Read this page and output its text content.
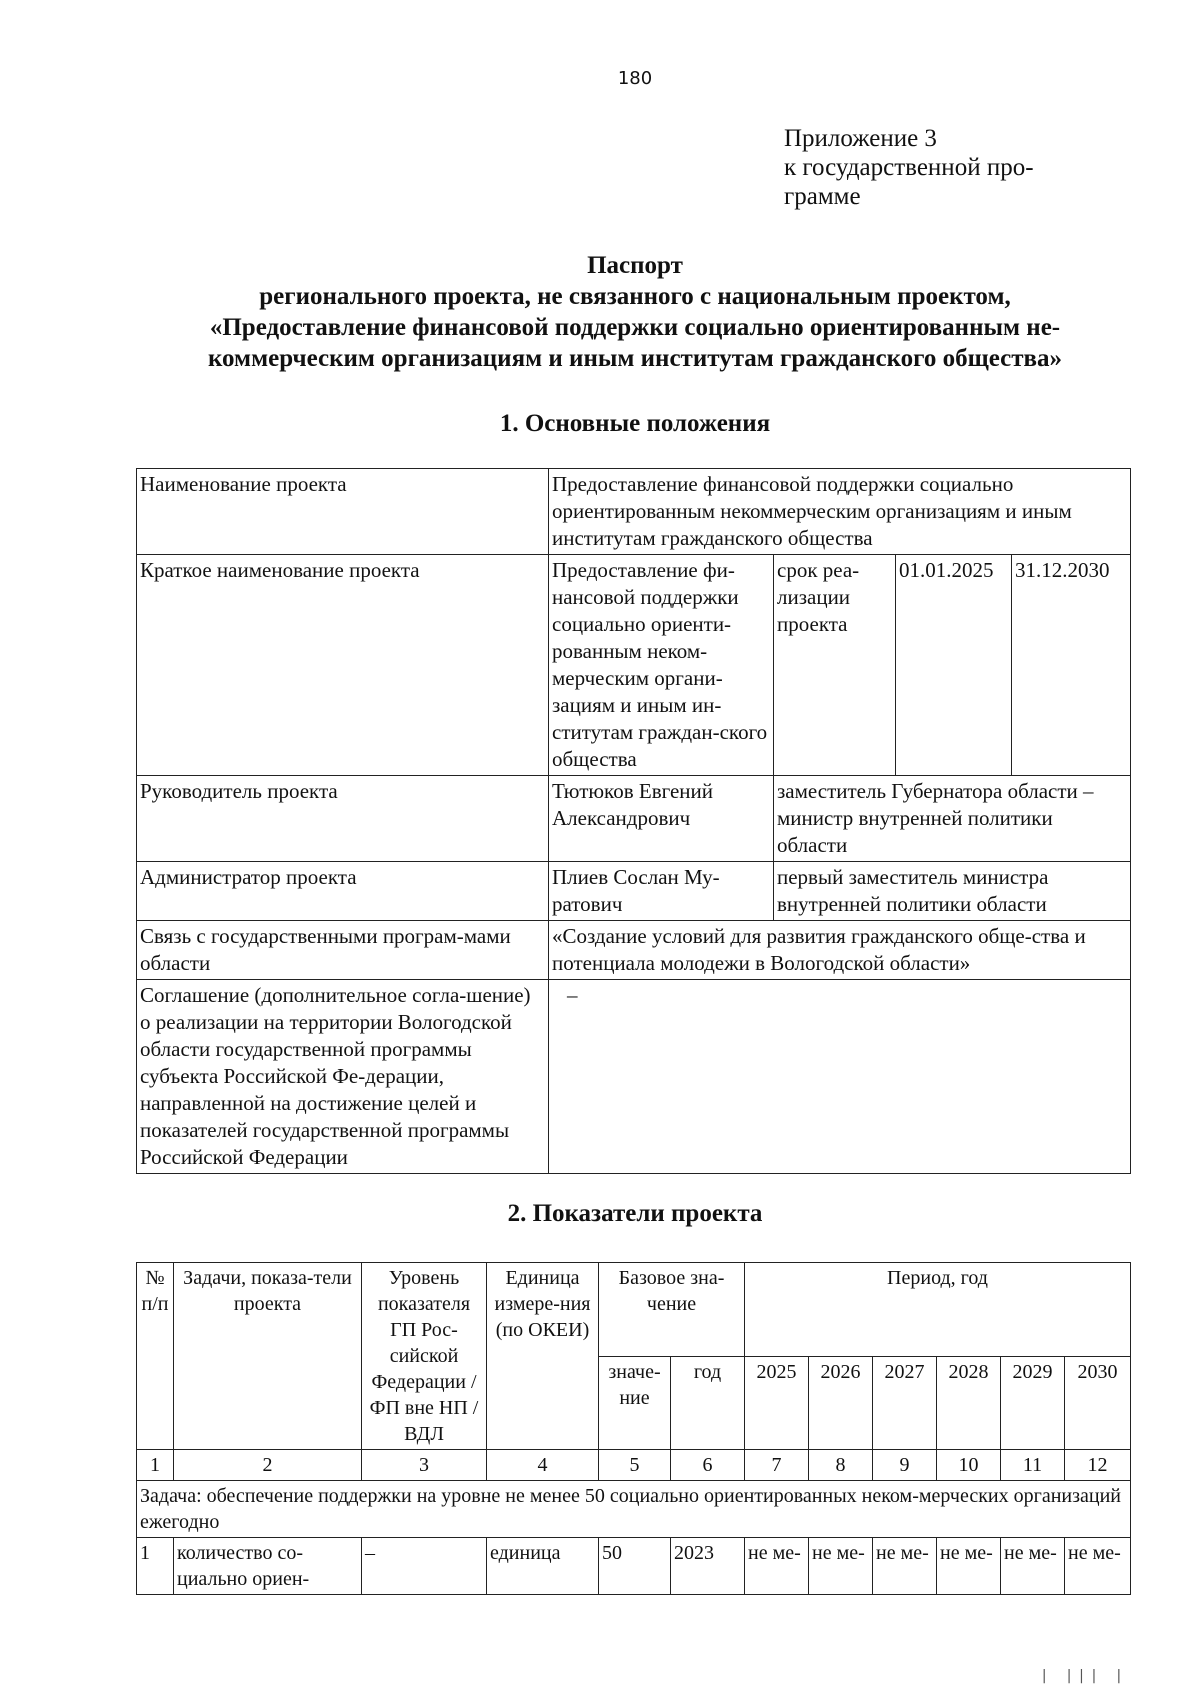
180
Приложение 3
к государственной про-
грамме
Паспорт
регионального проекта, не связанного с национальным проектом,
«Предоставление финансовой поддержки социально ориентированным не-
коммерческим организациям и иным институтам гражданского общества»
1. Основные положения
Наименование проекта	Предоставление финансовой поддержки социально ориентированным некоммерческим организациям и иным институтам гражданского общества			
Краткое наименование проекта	Предоставление фи-нансовой поддержки социально ориенти-рованным неком-мерческим органи-зациям и иным ин-ститутам граждан-ского общества	срок реа-лизации проекта	01.01.2025	31.12.2030
Руководитель проекта	Тютюков Евгений Александрович	заместитель Губернатора области – министр внутренней политики области		
Администратор проекта	Плиев Сослан Му-ратович	первый заместитель министра внутренней политики области		
Связь с государственными програм-мами области	«Создание условий для развития гражданского обще-ства и потенциала молодежи в Вологодской области»			
Соглашение (дополнительное согла-шение) о реализации на территории Вологодской области государственной программы субъекта Российской Фе-дерации, направленной на достижение целей и показателей государственной программы Российской Федерации	–			
2. Показатели проекта
№ п/п	Задачи, показа-тели проекта	Уровень показателя ГП Рос-сийской Федерации / ФП вне НП / ВДЛ	Единица измере-ния (по ОКЕИ)	Базовое зна-чение		Период, год					
				значе-ние	год	2025	2026	2027	2028	2029	2030
1	2	3	4	5	6	7	8	9	10	11	12
Задача: обеспечение поддержки на уровне не менее 50 социально ориентированных неком-мерческих организаций ежегодно											
1	количество со-циально ориен-	–	единица	50	2023	не ме-	не ме-	не ме-	не ме-	не ме-	не ме-
| ||| |
